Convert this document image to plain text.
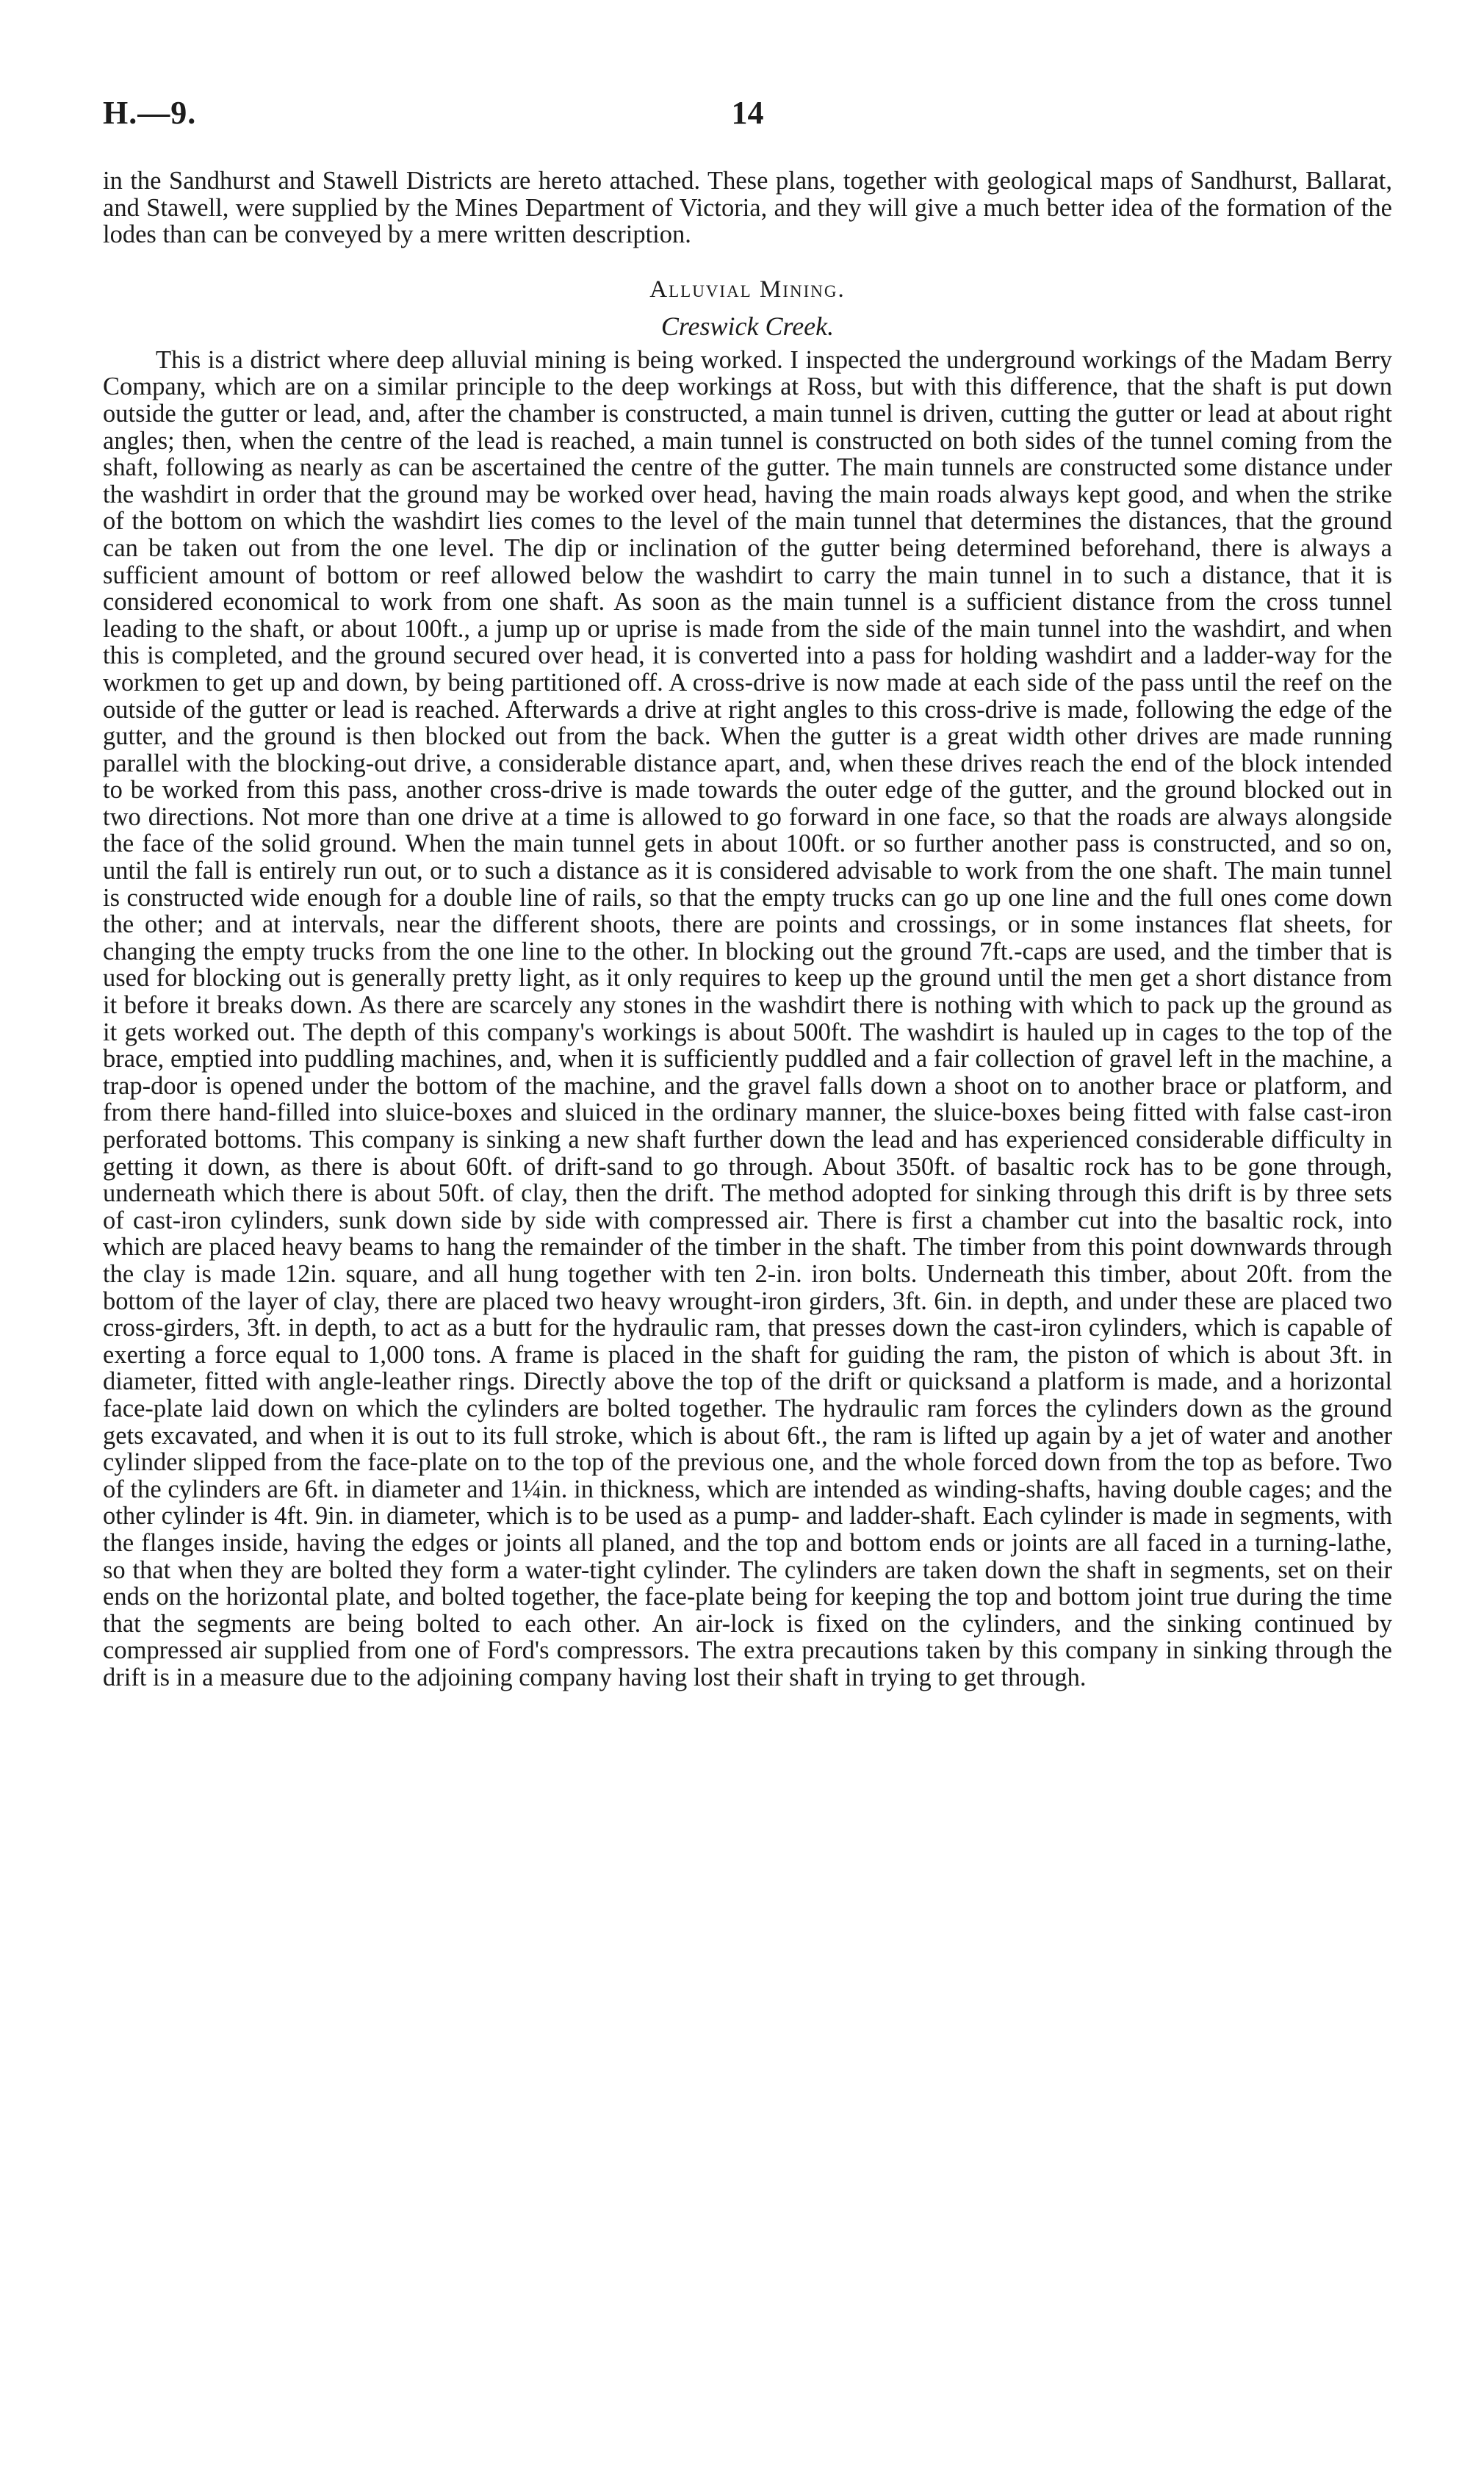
H.—9.	14

in the Sandhurst and Stawell Districts are hereto attached. These plans, together with geological maps of Sandhurst, Ballarat, and Stawell, were supplied by the Mines Department of Victoria, and they will give a much better idea of the formation of the lodes than can be conveyed by a mere written description.

Alluvial Mining.
Creswick Creek.

This is a district where deep alluvial mining is being worked. I inspected the underground workings of the Madam Berry Company, which are on a similar principle to the deep workings at Ross, but with this difference, that the shaft is put down outside the gutter or lead, and, after the chamber is constructed, a main tunnel is driven, cutting the gutter or lead at about right angles; then, when the centre of the lead is reached, a main tunnel is constructed on both sides of the tunnel coming from the shaft, following as nearly as can be ascertained the centre of the gutter. The main tunnels are constructed some distance under the washdirt in order that the ground may be worked over head, having the main roads always kept good, and when the strike of the bottom on which the washdirt lies comes to the level of the main tunnel that determines the distances, that the ground can be taken out from the one level. The dip or inclination of the gutter being determined beforehand, there is always a sufficient amount of bottom or reef allowed below the washdirt to carry the main tunnel in to such a distance, that it is considered economical to work from one shaft. As soon as the main tunnel is a sufficient distance from the cross tunnel leading to the shaft, or about 100ft., a jump up or uprise is made from the side of the main tunnel into the washdirt, and when this is completed, and the ground secured over head, it is converted into a pass for holding washdirt and a ladder-way for the workmen to get up and down, by being partitioned off. A cross-drive is now made at each side of the pass until the reef on the outside of the gutter or lead is reached. Afterwards a drive at right angles to this cross-drive is made, following the edge of the gutter, and the ground is then blocked out from the back. When the gutter is a great width other drives are made running parallel with the blocking-out drive, a considerable distance apart, and, when these drives reach the end of the block intended to be worked from this pass, another cross-drive is made towards the outer edge of the gutter, and the ground blocked out in two directions. Not more than one drive at a time is allowed to go forward in one face, so that the roads are always alongside the face of the solid ground. When the main tunnel gets in about 100ft. or so further another pass is constructed, and so on, until the fall is entirely run out, or to such a distance as it is considered advisable to work from the one shaft. The main tunnel is constructed wide enough for a double line of rails, so that the empty trucks can go up one line and the full ones come down the other; and at intervals, near the different shoots, there are points and crossings, or in some instances flat sheets, for changing the empty trucks from the one line to the other. In blocking out the ground 7ft.-caps are used, and the timber that is used for blocking out is generally pretty light, as it only requires to keep up the ground until the men get a short distance from it before it breaks down. As there are scarcely any stones in the washdirt there is nothing with which to pack up the ground as it gets worked out. The depth of this company's workings is about 500ft. The washdirt is hauled up in cages to the top of the brace, emptied into puddling machines, and, when it is sufficiently puddled and a fair collection of gravel left in the machine, a trap-door is opened under the bottom of the machine, and the gravel falls down a shoot on to another brace or platform, and from there hand-filled into sluice-boxes and sluiced in the ordinary manner, the sluice-boxes being fitted with false cast-iron perforated bottoms. This company is sinking a new shaft further down the lead and has experienced considerable difficulty in getting it down, as there is about 60ft. of drift-sand to go through. About 350ft. of basaltic rock has to be gone through, underneath which there is about 50ft. of clay, then the drift. The method adopted for sinking through this drift is by three sets of cast-iron cylinders, sunk down side by side with compressed air. There is first a chamber cut into the basaltic rock, into which are placed heavy beams to hang the remainder of the timber in the shaft. The timber from this point downwards through the clay is made 12in. square, and all hung together with ten 2-in. iron bolts. Underneath this timber, about 20ft. from the bottom of the layer of clay, there are placed two heavy wrought-iron girders, 3ft. 6in. in depth, and under these are placed two cross-girders, 3ft. in depth, to act as a butt for the hydraulic ram, that presses down the cast-iron cylinders, which is capable of exerting a force equal to 1,000 tons. A frame is placed in the shaft for guiding the ram, the piston of which is about 3ft. in diameter, fitted with angle-leather rings. Directly above the top of the drift or quicksand a platform is made, and a horizontal face-plate laid down on which the cylinders are bolted together. The hydraulic ram forces the cylinders down as the ground gets excavated, and when it is out to its full stroke, which is about 6ft., the ram is lifted up again by a jet of water and another cylinder slipped from the face-plate on to the top of the previous one, and the whole forced down from the top as before. Two of the cylinders are 6ft. in diameter and 1¼in. in thickness, which are intended as winding-shafts, having double cages; and the other cylinder is 4ft. 9in. in diameter, which is to be used as a pump- and ladder-shaft. Each cylinder is made in segments, with the flanges inside, having the edges or joints all planed, and the top and bottom ends or joints are all faced in a turning-lathe, so that when they are bolted they form a water-tight cylinder. The cylinders are taken down the shaft in segments, set on their ends on the horizontal plate, and bolted together, the face-plate being for keeping the top and bottom joint true during the time that the segments are being bolted to each other. An air-lock is fixed on the cylinders, and the sinking continued by compressed air supplied from one of Ford's compressors. The extra precautions taken by this company in sinking through the drift is in a measure due to the adjoining company having lost their shaft in trying to get through.
